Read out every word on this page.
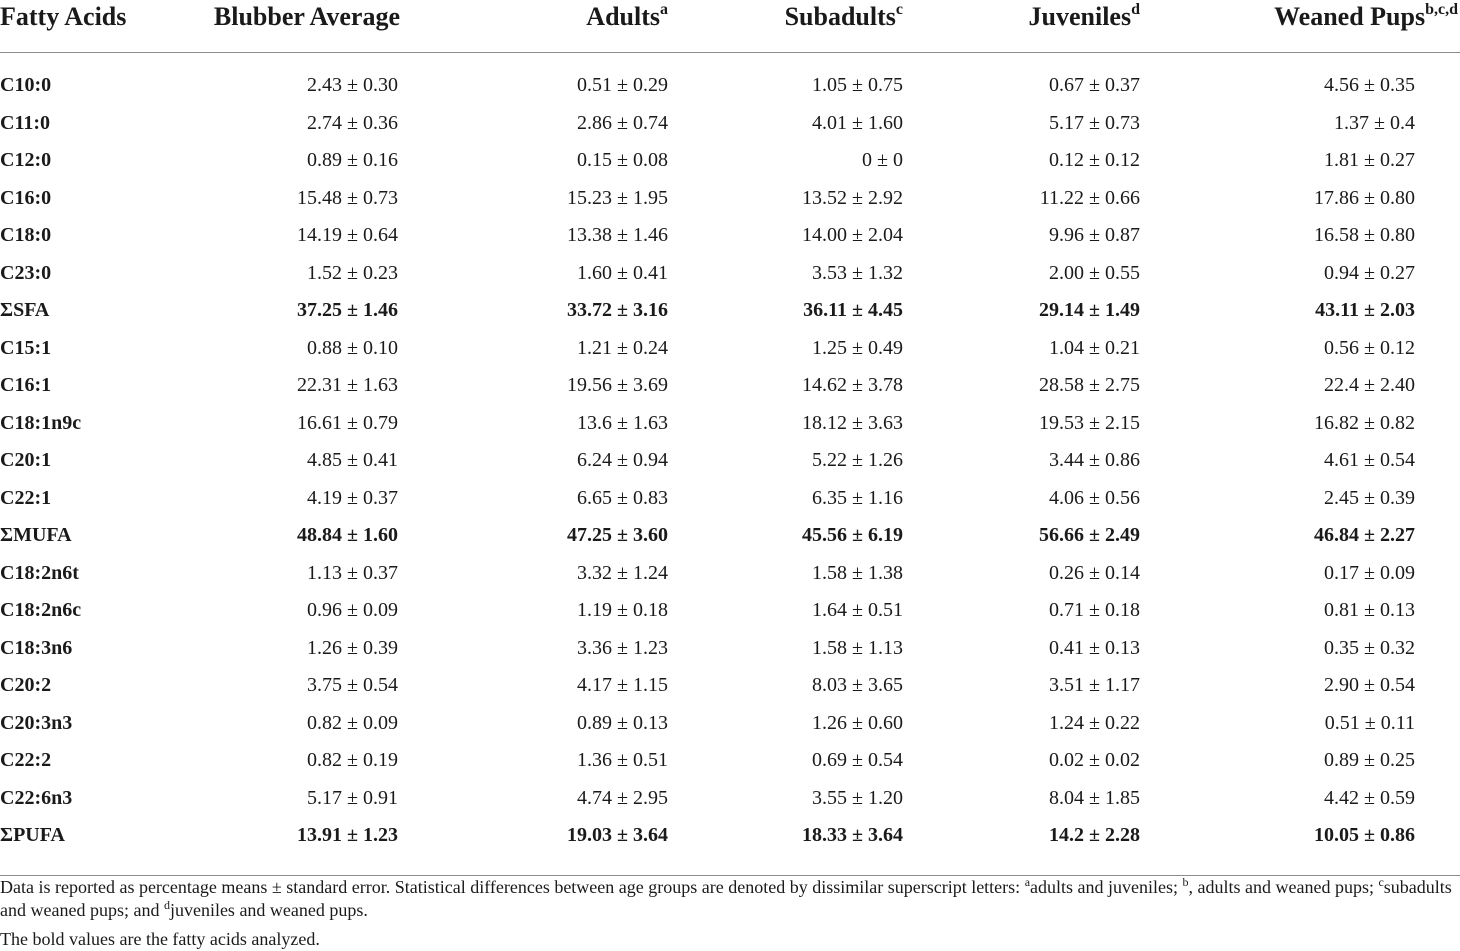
Fatty Acids	Blubber Average	Adults$^a$	Subadults$^c$	Juveniles$^d$	Weaned Pups$^{b,c,d}$

C10:0	2.43 ± 0.30	0.51 ± 0.29	1.05 ± 0.75	0.67 ± 0.37	4.56 ± 0.35
C11:0	2.74 ± 0.36	2.86 ± 0.74	4.01 ± 1.60	5.17 ± 0.73	1.37 ± 0.4
C12:0	0.89 ± 0.16	0.15 ± 0.08	0 ± 0	0.12 ± 0.12	1.81 ± 0.27
C16:0	15.48 ± 0.73	15.23 ± 1.95	13.52 ± 2.92	11.22 ± 0.66	17.86 ± 0.80
C18:0	14.19 ± 0.64	13.38 ± 1.46	14.00 ± 2.04	9.96 ± 0.87	16.58 ± 0.80
C23:0	1.52 ± 0.23	1.60 ± 0.41	3.53 ± 1.32	2.00 ± 0.55	0.94 ± 0.27
ΣSFA	37.25 ± 1.46	33.72 ± 3.16	36.11 ± 4.45	29.14 ± 1.49	43.11 ± 2.03
C15:1	0.88 ± 0.10	1.21 ± 0.24	1.25 ± 0.49	1.04 ± 0.21	0.56 ± 0.12
C16:1	22.31 ± 1.63	19.56 ± 3.69	14.62 ± 3.78	28.58 ± 2.75	22.4 ± 2.40
C18:1n9c	16.61 ± 0.79	13.6 ± 1.63	18.12 ± 3.63	19.53 ± 2.15	16.82 ± 0.82
C20:1	4.85 ± 0.41	6.24 ± 0.94	5.22 ± 1.26	3.44 ± 0.86	4.61 ± 0.54
C22:1	4.19 ± 0.37	6.65 ± 0.83	6.35 ± 1.16	4.06 ± 0.56	2.45 ± 0.39
ΣMUFA	48.84 ± 1.60	47.25 ± 3.60	45.56 ± 6.19	56.66 ± 2.49	46.84 ± 2.27
C18:2n6t	1.13 ± 0.37	3.32 ± 1.24	1.58 ± 1.38	0.26 ± 0.14	0.17 ± 0.09
C18:2n6c	0.96 ± 0.09	1.19 ± 0.18	1.64 ± 0.51	0.71 ± 0.18	0.81 ± 0.13
C18:3n6	1.26 ± 0.39	3.36 ± 1.23	1.58 ± 1.13	0.41 ± 0.13	0.35 ± 0.32
C20:2	3.75 ± 0.54	4.17 ± 1.15	8.03 ± 3.65	3.51 ± 1.17	2.90 ± 0.54
C20:3n3	0.82 ± 0.09	0.89 ± 0.13	1.26 ± 0.60	1.24 ± 0.22	0.51 ± 0.11
C22:2	0.82 ± 0.19	1.36 ± 0.51	0.69 ± 0.54	0.02 ± 0.02	0.89 ± 0.25
C22:6n3	5.17 ± 0.91	4.74 ± 2.95	3.55 ± 1.20	8.04 ± 1.85	4.42 ± 0.59
ΣPUFA	13.91 ± 1.23	19.03 ± 3.64	18.33 ± 3.64	14.2 ± 2.28	10.05 ± 0.86

Data is reported as percentage means ± standard error. Statistical differences between age groups are denoted by dissimilar superscript letters: $^a$adults and juveniles; $^b$, adults and weaned pups; $^c$subadults and weaned pups; and $^d$juveniles and weaned pups.
The bold values are the fatty acids analyzed.
